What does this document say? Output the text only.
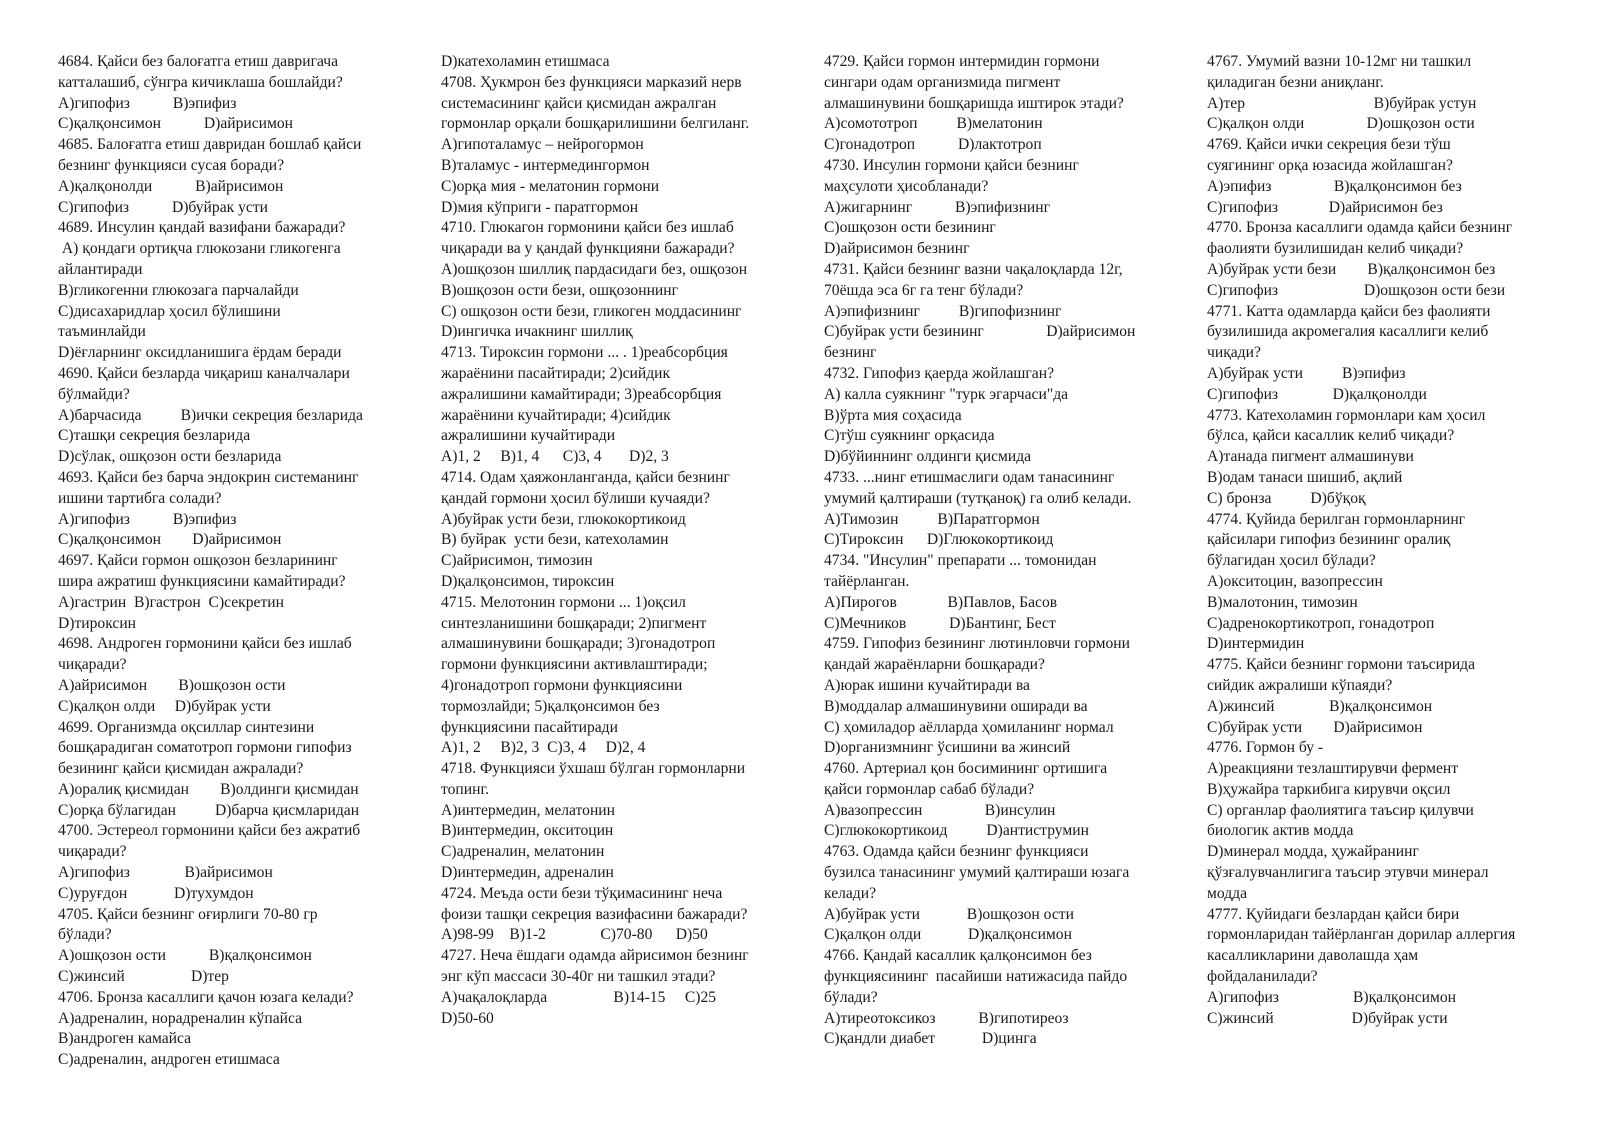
4684. Қайси без балоғатга етиш давригача
катталашиб, сўнгра кичиклаша бошлайди?
A)гипофиз           B)эпифиз
C)қалқонсимон           D)айрисимон
4685. Балоғатга етиш давридан бошлаб қайси
безнинг функцияси сусая боради?
A)қалқонолди           B)айрисимон
C)гипофиз           D)буйрак усти
4689. Инсулин қандай вазифани бажаради?
A) қондаги ортиқча глюкозани гликогенга
айлантиради
B)гликогенни глюкозага парчалайди
C)дисахаридлар ҳосил бўлишини
таъминлайди
D)ёғларнинг оксидланишига ёрдам беради
4690. Қайси безларда чиқариш каналчалари
бўлмайди?
A)барчасида          B)ички секреция безларида
C)ташқи секреция безларида
D)сўлак, ошқозон ости безларида
4693. Қайси без барча эндокрин системанинг
ишини тартибга солади?
A)гипофиз           B)эпифиз
C)қалқонсимон        D)айрисимон
4697. Қайси гормон ошқозон безларининг
шира ажратиш функциясини камайтиради?
A)гастрин  B)гастрон  C)секретин
D)тироксин
4698. Андроген гормонини қайси без ишлаб
чиқаради?
A)айрисимон        B)ошқозон ости
C)қалқон олди     D)буйрак усти
4699. Организмда оқсиллар синтезини
бошқарадиган соматотроп гормони гипофиз
безининг қайси қисмидан ажралади?
A)оралиқ қисмидан        B)олдинги қисмидан
C)орқа бўлагидан          D)барча қисмларидан
4700. Эстереол гормонини қайси без ажратиб
чиқаради?
A)гипофиз              B)айрисимон
C)уруғдон            D)тухумдон
4705. Қайси безнинг оғирлиги 70-80 гр
бўлади?
A)ошқозон ости           B)қалқонсимон
C)жинсий                 D)тер
4706. Бронза касаллиги қачон юзага келади?
A)адреналин, норадреналин кўпайса
B)андроген камайса
C)адреналин, андроген етишмаса
D)катехоламин етишмаса
4708. Ҳукмрон без функцияси марказий нерв
системасининг қайси қисмидан ажралган
гормонлар орқали бошқарилишини белгиланг.
A)гипоталамус – нейрогормон
B)таламус - интермедингормон
C)орқа мия - мелатонин гормони
D)мия кўприги - паратгормон
4710. Глюкагон гормонини қайси без ишлаб
чиқаради ва у қандай функцияни бажаради?
A)ошқозон шиллиқ пардасидаги без, ошқозон
B)ошқозон ости бези, ошқозоннинг
C) ошқозон ости бези, гликоген моддасининг
D)ингичка ичакнинг шиллиқ
4713. Тироксин гормони ... . 1)реабсорбция
жараёнини пасайтиради; 2)сийдик
ажралишини камайтиради; 3)реабсорбция
жараёнини кучайтиради; 4)сийдик
ажралишини кучайтиради
A)1, 2     B)1, 4      C)3, 4       D)2, 3
4714. Одам ҳаяжонланганда, қайси безнинг
қандай гормони ҳосил бўлиши кучаяди?
A)буйрак усти бези, глюкокортикоид
B) буйрак  усти бези, катехоламин
C)айрисимон, тимозин
D)қалқонсимон, тироксин
4715. Мелотонин гормони ... 1)оқсил
синтезланишини бошқаради; 2)пигмент
алмашинувини бошқаради; 3)гонадотроп
гормони функциясини активлаштиради;
4)гонадотроп гормони функциясини
тормозлайди; 5)қалқонсимон без
функциясини пасайтиради
A)1, 2     B)2, 3  C)3, 4     D)2, 4
4718. Функцияси ўхшаш бўлган гормонларни
топинг.
A)интермедин, мелатонин
B)интермедин, окситоцин
C)адреналин, мелатонин
D)интермедин, адреналин
4724. Меъда ости бези тўқимасининг неча
фоизи ташқи секреция вазифасини бажаради?
A)98-99    B)1-2              C)70-80      D)50
4727. Неча ёшдаги одамда айрисимон безнинг
энг кўп массаси 30-40г ни ташкил этади?
A)чақалоқларда                 B)14-15     C)25
D)50-60
4729. Қайси гормон интермидин гормони
сингари одам организмида пигмент
алмашинувини бошқаришда иштирок этади?
A)сомототроп          B)мелатонин
C)гонадотроп           D)лактотроп
4730. Инсулин гормони қайси безнинг
маҳсулоти ҳисобланади?
A)жигарнинг           B)эпифизнинг
C)ошқозон ости безининг
D)айрисимон безнинг
4731. Қайси безнинг вазни чақалоқларда 12г,
70ёшда эса 6г га тенг бўлади?
A)эпифизнинг          B)гипофизнинг
C)буйрак усти безининг                D)айрисимон
безнинг
4732. Гипофиз қаерда жойлашган?
A) калла суякнинг "турк эгарчаси"да
B)ўрта мия соҳасида
C)тўш суякнинг орқасида
D)бўйиннинг олдинги қисмида
4733. ...нинг етишмаслиги одам танасининг
умумий қалтираши (тутқаноқ) га олиб келади.
A)Тимозин          B)Паратгормон
C)Тироксин      D)Глюкокортикоид
4734. "Инсулин" препарати ... томонидан
тайёрланган.
A)Пирогов             B)Павлов, Басов
C)Мечников           D)Бантинг, Бест
4759. Гипофиз безининг лютинловчи гормони
қандай жараёнларни бошқаради?
A)юрак ишини кучайтиради ва
B)моддалар алмашинувини оширади ва
C) ҳомиладор аёлларда ҳомиланинг нормал
D)организмнинг ўсишини ва жинсий
4760. Артериал қон босимининг ортишига
қайси гормонлар сабаб бўлади?
A)вазопрессин                B)инсулин
C)глюкокортикоид          D)антиструмин
4763. Одамда қайси безнинг функцияси
бузилса танасининг умумий қалтираши юзага
келади?
A)буйрак усти            B)ошқозон ости
C)қалқон олди            D)қалқонсимон
4766. Қандай касаллик қалқонсимон без
функциясининг  пасайиши натижасида пайдо
бўлади?
A)тиреотоксикоз           B)гипотиреоз
C)қандли диабет            D)цинга
4767. Умумий вазни 10-12мг ни ташкил
қиладиган безни аниқланг.
A)тер                                 B)буйрак устун
C)қалқон олди                D)ошқозон ости
4769. Қайси ички секреция бези тўш
суягининг орқа юзасида жойлашган?
A)эпифиз                B)қалқонсимон без
C)гипофиз             D)айрисимон без
4770. Бронза касаллиги одамда қайси безнинг
фаолияти бузилишидан келиб чиқади?
A)буйрак усти бези        B)қалқонсимон без
C)гипофиз                      D)ошқозон ости бези
4771. Катта одамларда қайси без фаолияти
бузилишида акромегалия касаллиги келиб
чиқади?
A)буйрак усти          B)эпифиз
C)гипофиз              D)қалқонолди
4773. Катехоламин гормонлари кам ҳосил
бўлса, қайси касаллик келиб чиқади?
A)танада пигмент алмашинуви
B)одам танаси шишиб, ақлий
C) бронза          D)бўқоқ
4774. Қуйида берилган гормонларнинг
қайсилари гипофиз безининг оралиқ
бўлагидан ҳосил бўлади?
A)окситоцин, вазопрессин
B)малотонин, тимозин
C)адренокортикотроп, гонадотроп
D)интермидин
4775. Қайси безнинг гормони таъсирида
сийдик ажралиши кўпаяди?
A)жинсий              B)қалқонсимон
C)буйрак усти        D)айрисимон
4776. Гормон бу -
A)реакцияни тезлаштирувчи фермент
B)ҳужайра таркибига кирувчи оқсил
C) органлар фаолиятига таъсир қилувчи
биологик актив модда
D)минерал модда, ҳужайранинг
қўзғалувчанлигига таъсир этувчи минерал
модда
4777. Қуйидаги безлардан қайси бири
гормонларидан тайёрланган дорилар аллергия
касалликларини даволашда ҳам
фойдаланилади?
A)гипофиз                   B)қалқонсимон
C)жинсий                    D)буйрак усти
